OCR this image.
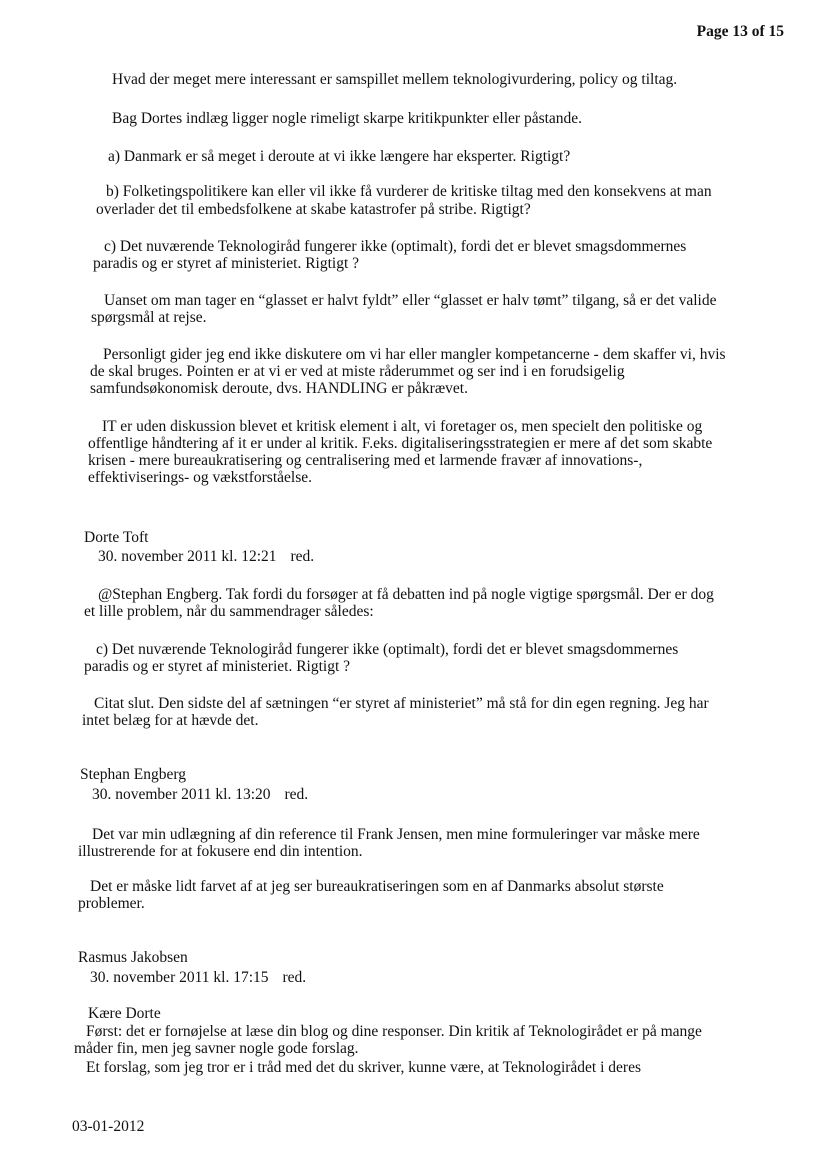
Page 13 of 15
Hvad der meget mere interessant er samspillet mellem teknologivurdering, policy og tiltag.
Bag Dortes indlæg ligger nogle rimeligt skarpe kritikpunkter eller påstande.
a) Danmark er så meget i deroute at vi ikke længere har eksperter. Rigtigt?
b) Folketingspolitikere kan eller vil ikke få vurderer de kritiske tiltag med den konsekvens at man
overlader det til embedsfolkene at skabe katastrofer på stribe. Rigtigt?
c) Det nuværende Teknologiråd fungerer ikke (optimalt), fordi det er blevet smagsdommernes
paradis og er styret af ministeriet. Rigtigt ?
Uanset om man tager en “glasset er halvt fyldt” eller “glasset er halv tømt” tilgang, så er det valide
spørgsmål at rejse.
Personligt gider jeg end ikke diskutere om vi har eller mangler kompetancerne - dem skaffer vi, hvis
de skal bruges. Pointen er at vi er ved at miste råderummet og ser ind i en forudsigelig
samfundsøkonomisk deroute, dvs. HANDLING er påkrævet.
IT er uden diskussion blevet et kritisk element i alt, vi foretager os, men specielt den politiske og
offentlige håndtering af it er under al kritik. F.eks. digitaliseringsstrategien er mere af det som skabte
krisen - mere bureaukratisering og centralisering med et larmende fravær af innovations-,
effektiviserings- og vækstforståelse.
Dorte Toft
30. november 2011 kl. 12:21 red.
@Stephan Engberg. Tak fordi du forsøger at få debatten ind på nogle vigtige spørgsmål. Der er dog
et lille problem, når du sammendrager således:
c) Det nuværende Teknologiråd fungerer ikke (optimalt), fordi det er blevet smagsdommernes
paradis og er styret af ministeriet. Rigtigt ?
Citat slut. Den sidste del af sætningen “er styret af ministeriet” må stå for din egen regning. Jeg har
intet belæg for at hævde det.
Stephan Engberg
30. november 2011 kl. 13:20 red.
Det var min udlægning af din reference til Frank Jensen, men mine formuleringer var måske mere
illustrerende for at fokusere end din intention.
Det er måske lidt farvet af at jeg ser bureaukratiseringen som en af Danmarks absolut største
problemer.
Rasmus Jakobsen
30. november 2011 kl. 17:15 red.
Kære Dorte
Først: det er fornøjelse at læse din blog og dine responser. Din kritik af Teknologirådet er på mange
måder fin, men jeg savner nogle gode forslag.
Et forslag, som jeg tror er i tråd med det du skriver, kunne være, at Teknologirådet i deres
03-01-2012
